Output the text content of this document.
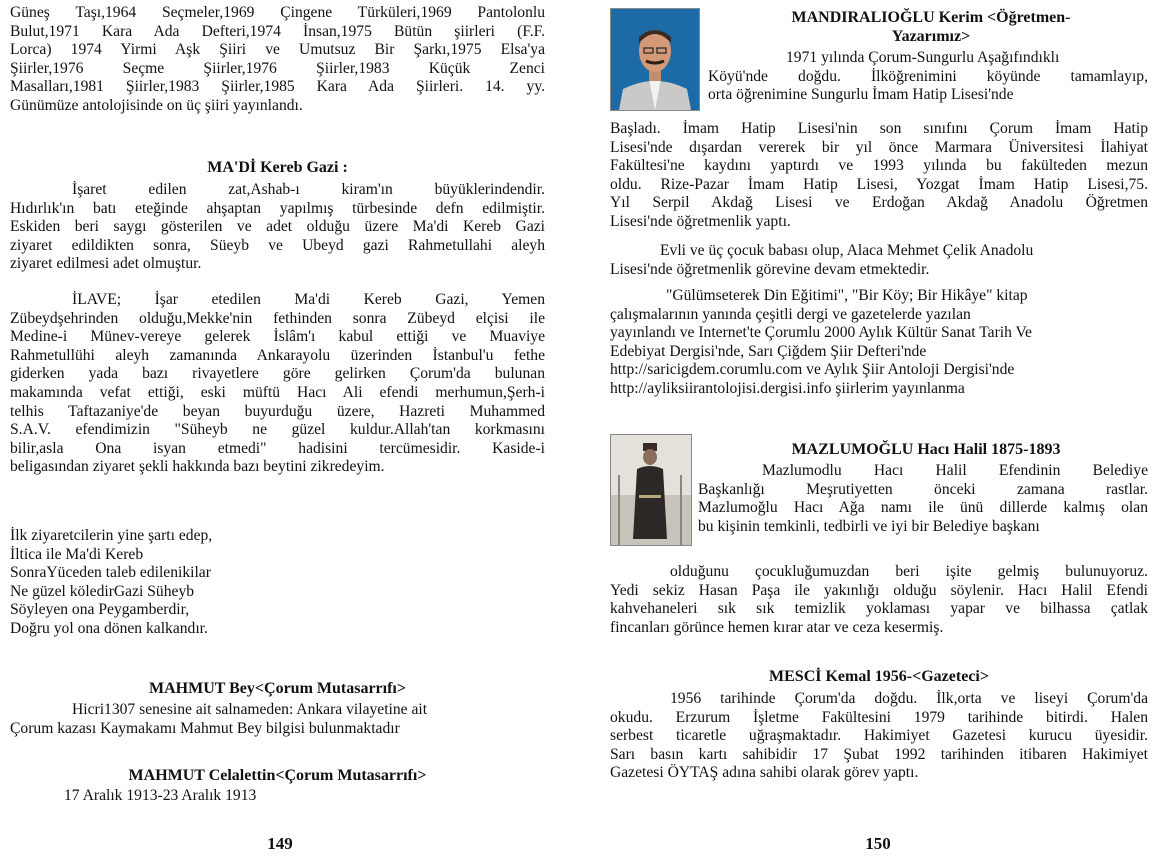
Güneş Taşı,1964 Seçmeler,1969 Çingene Türküleri,1969 Pantolonlu

Bulut,1971 Kara Ada Defteri,1974 İnsan,1975 Bütün şiirleri (F.F.

Lorca) 1974 Yirmi Aşk Şiiri ve Umutsuz Bir Şarkı,1975 Elsa'ya

Şiirler,1976 Seçme Şiirler,1976 Şiirler,1983 Küçük Zenci

Masalları,1981 Şiirler,1983 Şiirler,1985 Kara Ada Şiirleri. 14. yy.

Günümüze antolojisinde on üç şiiri yayınlandı.

MA'Dİ Kereb Gazi :

İşaret edilen zat,Ashab-ı kiram'ın büyüklerindendir.

Hıdırlık'ın batı eteğinde ahşaptan yapılmış türbesinde defn edilmiştir.

Eskiden beri saygı gösterilen ve adet olduğu üzere Ma'di Kereb Gazi

ziyaret edildikten sonra, Süeyb ve Ubeyd gazi Rahmetullahi aleyh

ziyaret edilmesi adet olmuştur.

İLAVE; İşar etedilen Ma'di Kereb Gazi, Yemen

Zübeydşehrinden olduğu,Mekke'nin fethinden sonra Zübeyd elçisi ile

Medine-i Münev-vereye gelerek İslâm'ı kabul ettiği ve Muaviye

Rahmetullühi aleyh zamanında Ankarayolu üzerinden İstanbul'u fethe

giderken yada bazı rivayetlere göre gelirken Çorum'da bulunan

makamında vefat ettiği, eski müftü Hacı Ali efendi merhumun,Şerh-i

telhis Taftazaniye'de beyan buyurduğu üzere, Hazreti Muhammed

S.A.V. efendimizin "Süheyb ne güzel kuldur.Allah'tan korkmasını

bilir,asla Ona isyan etmedi" hadisini tercümesidir. Kaside-i

beligasından ziyaret şekli hakkında bazı beytini zikredeyim.

İlk ziyaretcilerin yine şartı edep,

İltica ile Ma'di Kereb

SonraYüceden taleb edilenikilar

Ne güzel köledirGazi Süheyb

Söyleyen ona Peygamberdir,

Doğru yol ona dönen kalkandır.

MAHMUT Bey<Çorum Mutasarrıfı>

Hicri1307 senesine ait salnameden: Ankara vilayetine ait

Çorum kazası Kaymakamı Mahmut Bey bilgisi bulunmaktadır

MAHMUT Celalettin<Çorum Mutasarrıfı>

17 Aralık 1913-23 Aralık 1913

149
MANDIRALIOĞLU Kerim <Öğretmen-
Yazarımız>

1971 yılında Çorum-Sungurlu Aşağıfındıklı

Köyü'nde doğdu. İlköğrenimini köyünde tamamlayıp,

orta öğrenimine Sungurlu İmam Hatip Lisesi'nde

Başladı. İmam Hatip Lisesi'nin son sınıfını Çorum İmam Hatip

Lisesi'nde dışardan vererek bir yıl önce Marmara Üniversitesi İlahiyat

Fakültesi'ne kaydını yaptırdı ve 1993 yılında bu fakülteden mezun

oldu. Rize-Pazar İmam Hatip Lisesi, Yozgat İmam Hatip Lisesi,75.

Yıl Serpil Akdağ Lisesi ve Erdoğan Akdağ Anadolu Öğretmen

Lisesi'nde öğretmenlik yaptı.

Evli ve üç çocuk babası olup, Alaca Mehmet Çelik Anadolu

Lisesi'nde öğretmenlik görevine devam etmektedir.

"Gülümseterek Din Eğitimi", "Bir Köy; Bir Hikâye" kitap

çalışmalarının yanında çeşitli dergi ve gazetelerde yazılan

yayınlandı ve Internet'te Çorumlu 2000 Aylık Kültür Sanat Tarih Ve

Edebiyat Dergisi'nde, Sarı Çiğdem Şiir Defteri'nde

http://saricigdem.corumlu.com ve Aylık Şiir Antoloji Dergisi'nde

http://ayliksiirantolojisi.dergisi.info şiirlerim yayınlanma

MAZLUMOĞLU Hacı Halil 1875-1893

Mazlumodlu Hacı Halil Efendinin Belediye

Başkanlığı Meşrutiyetten önceki zamana rastlar.

Mazlumoğlu Hacı Ağa namı ile ünü dillerde kalmış olan

bu kişinin temkinli, tedbirli ve iyi bir Belediye başkanı

olduğunu çocukluğumuzdan beri işite gelmiş bulunuyoruz.

Yedi sekiz Hasan Paşa ile yakınlığı olduğu söylenir. Hacı Halil Efendi

kahvehaneleri sık sık temizlik yoklaması yapar ve bilhassa çatlak

fincanları görünce hemen kırar atar ve ceza kesermiş.

MESCİ Kemal 1956-<Gazeteci>

1956 tarihinde Çorum'da doğdu. İlk,orta ve liseyi Çorum'da

okudu. Erzurum İşletme Fakültesini 1979 tarihinde bitirdi. Halen

serbest ticaretle uğraşmaktadır. Hakimiyet Gazetesi kurucu üyesidir.

Sarı basın kartı sahibidir 17 Şubat 1992 tarihinden itibaren Hakimiyet

Gazetesi ÖYTAŞ adına sahibi olarak görev yaptı.

150
